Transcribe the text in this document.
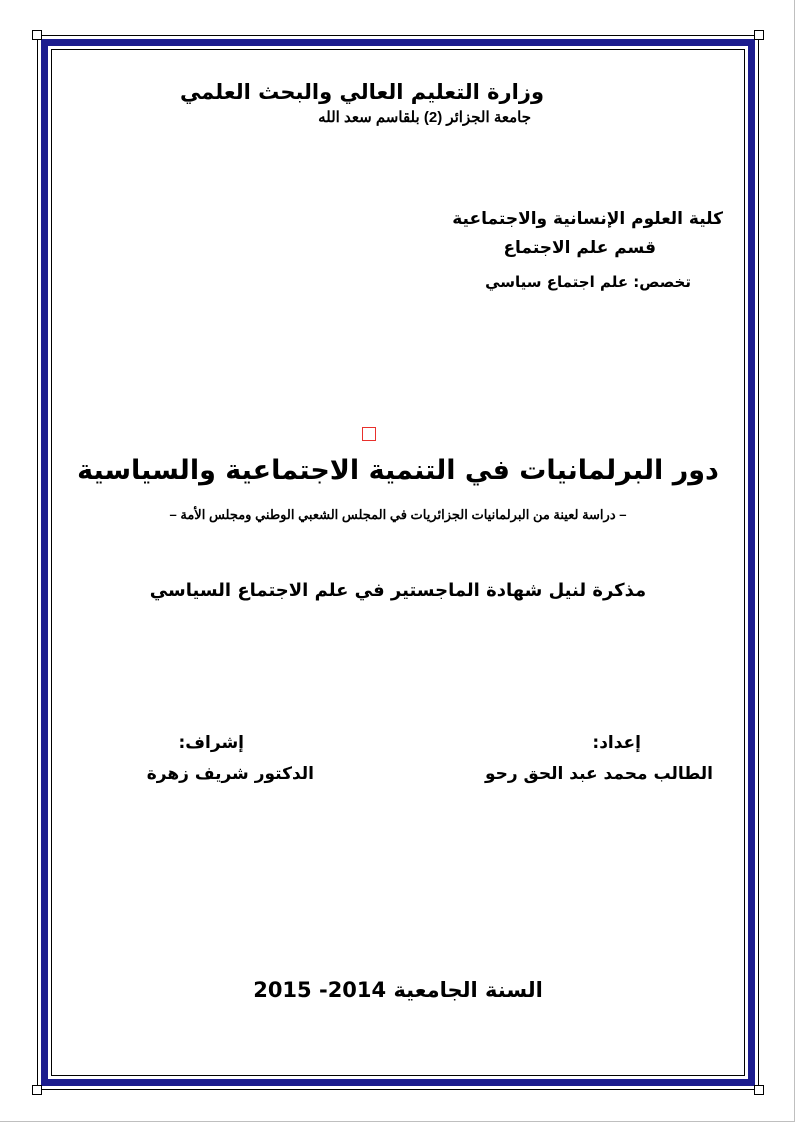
وزارة التعليم العالي والبحث العلمي
جامعة الجزائر (2) بلقاسم سعد الله
كلية العلوم الإنسانية والاجتماعية
قسم علم الاجتماع
تخصص: علم اجتماع سياسي
دور البرلمانيات في التنمية الاجتماعية والسياسية
– دراسة لعينة من البرلمانيات الجزائريات في المجلس الشعبي الوطني ومجلس الأمة –
مذكرة لنيل شهادة الماجستير في علم الاجتماع السياسي
إعداد:
الطالب محمد عبد الحق رحو
إشراف:
الدكتور شريف زهرة
السنة الجامعية 2014- 2015
